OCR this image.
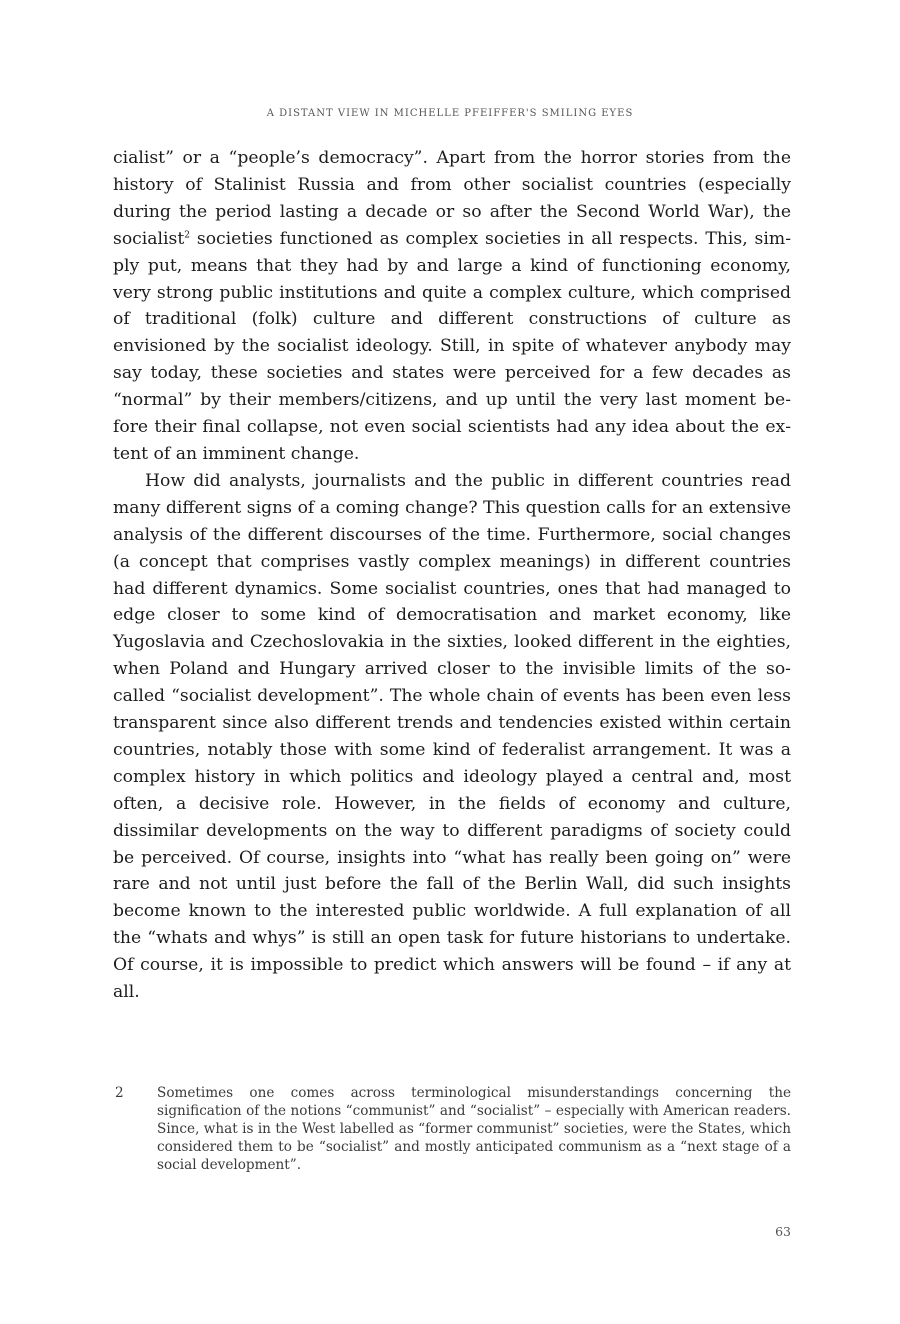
A DISTANT VIEW IN MICHELLE PFEIFFER'S SMILING EYES

cialist” or a “people’s democracy”. Apart from the horror stories from the history of Stalinist Russia and from other socialist countries (especially during the period lasting a decade or so after the Second World War), the socialist$^2$ societies functioned as complex societies in all respects. This, simply put, means that they had by and large a kind of functioning economy, very strong public institutions and quite a complex culture, which comprised of traditional (folk) culture and different constructions of culture as envisioned by the socialist ideology. Still, in spite of whatever anybody may say today, these societies and states were perceived for a few decades as “normal” by their members/citizens, and up until the very last moment before their final collapse, not even social scientists had any idea about the extent of an imminent change.

How did analysts, journalists and the public in different countries read many different signs of a coming change? This question calls for an extensive analysis of the different discourses of the time. Furthermore, social changes (a concept that comprises vastly complex meanings) in different countries had different dynamics. Some socialist countries, ones that had managed to edge closer to some kind of democratisation and market economy, like Yugoslavia and Czechoslovakia in the sixties, looked different in the eighties, when Poland and Hungary arrived closer to the invisible limits of the so-called “socialist development”. The whole chain of events has been even less transparent since also different trends and tendencies existed within certain countries, notably those with some kind of federalist arrangement. It was a complex history in which politics and ideology played a central and, most often, a decisive role. However, in the fields of economy and culture, dissimilar developments on the way to different paradigms of society could be perceived. Of course, insights into “what has really been going on” were rare and not until just before the fall of the Berlin Wall, did such insights become known to the interested public worldwide. A full explanation of all the “whats and whys” is still an open task for future historians to undertake. Of course, it is impossible to predict which answers will be found – if any at all.

2 Sometimes one comes across terminological misunderstandings concerning the signification of the notions “communist” and “socialist” – especially with American readers. Since, what is in the West labelled as “former communist” societies, were the States, which considered them to be “socialist” and mostly anticipated communism as a “next stage of a social development”.
63
